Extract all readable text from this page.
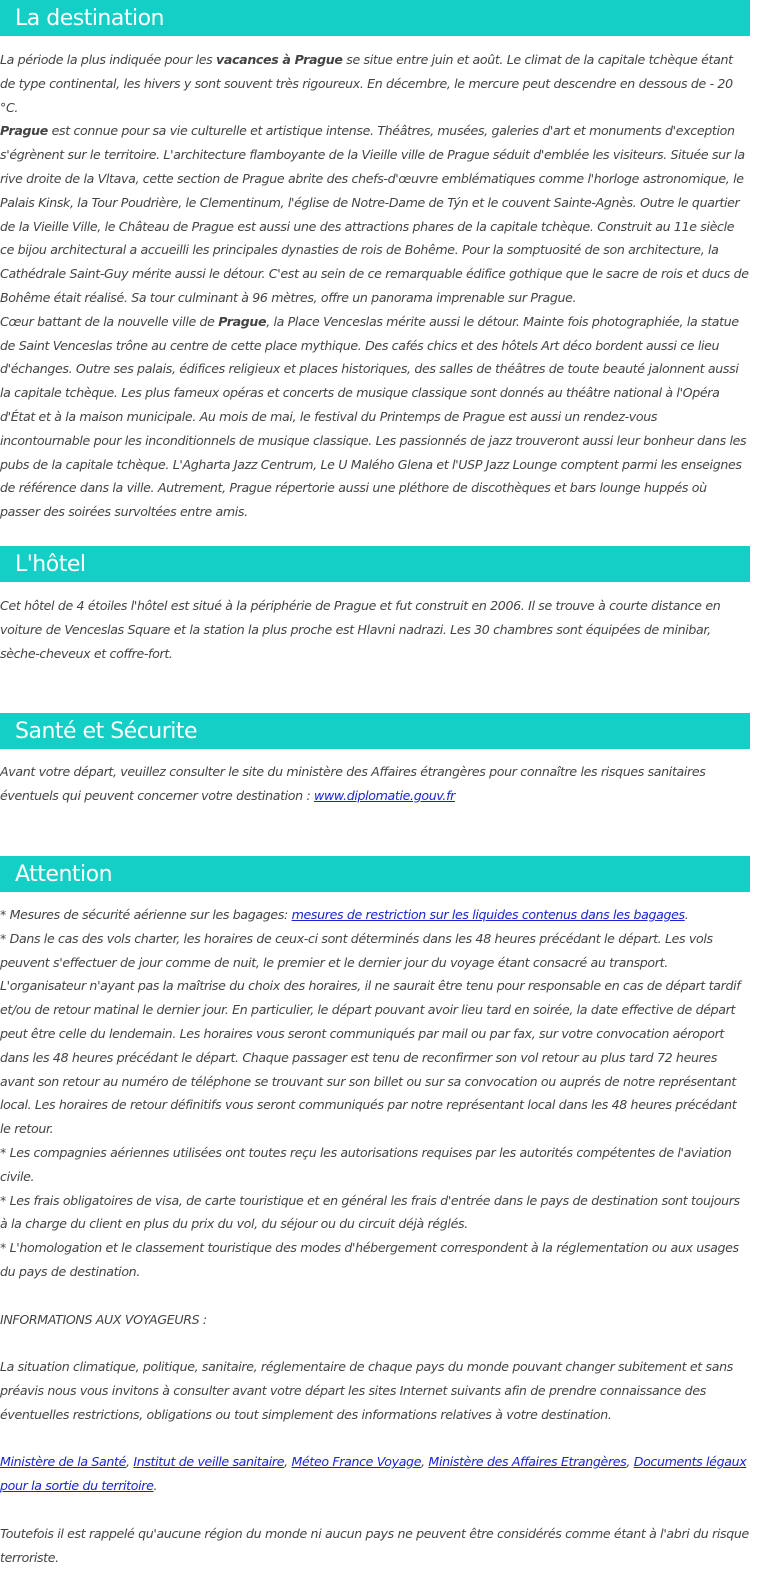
La destination

La période la plus indiquée pour les vacances à Prague se situe entre juin et août. Le climat de la capitale tchèque étant de type continental, les hivers y sont souvent très rigoureux. En décembre, le mercure peut descendre en dessous de - 20 °C.

Prague est connue pour sa vie culturelle et artistique intense. Théâtres, musées, galeries d'art et monuments d'exception s'égrènent sur le territoire. L'architecture flamboyante de la Vieille ville de Prague séduit d'emblée les visiteurs. Située sur la rive droite de la Vltava, cette section de Prague abrite des chefs-d'œuvre emblématiques comme l'horloge astronomique, le Palais Kinsk, la Tour Poudrière, le Clementinum, l'église de Notre-Dame de Týn et le couvent Sainte-Agnès. Outre le quartier de la Vieille Ville, le Château de Prague est aussi une des attractions phares de la capitale tchèque. Construit au 11e siècle ce bijou architectural a accueilli les principales dynasties de rois de Bohême. Pour la somptuosité de son architecture, la Cathédrale Saint-Guy mérite aussi le détour. C'est au sein de ce remarquable édifice gothique que le sacre de rois et ducs de Bohême était réalisé. Sa tour culminant à 96 mètres, offre un panorama imprenable sur Prague.

Cœur battant de la nouvelle ville de Prague, la Place Venceslas mérite aussi le détour. Mainte fois photographiée, la statue de Saint Venceslas trône au centre de cette place mythique. Des cafés chics et des hôtels Art déco bordent aussi ce lieu d'échanges. Outre ses palais, édifices religieux et places historiques, des salles de théâtres de toute beauté jalonnent aussi la capitale tchèque. Les plus fameux opéras et concerts de musique classique sont donnés au théâtre national à l'Opéra d'État et à la maison municipale. Au mois de mai, le festival du Printemps de Prague est aussi un rendez-vous incontournable pour les inconditionnels de musique classique. Les passionnés de jazz trouveront aussi leur bonheur dans les pubs de la capitale tchèque. L'Agharta Jazz Centrum, Le U Malého Glena et l'USP Jazz Lounge comptent parmi les enseignes de référence dans la ville. Autrement, Prague répertorie aussi une pléthore de discothèques et bars lounge huppés où passer des soirées survoltées entre amis.

L'hôtel

Cet hôtel de 4 étoiles l'hôtel est situé à la périphérie de Prague et fut construit en 2006. Il se trouve à courte distance en voiture de Venceslas Square et la station la plus proche est Hlavni nadrazi. Les 30 chambres sont équipées de minibar, sèche-cheveux et coffre-fort.

Santé et Sécurite

Avant votre départ, veuillez consulter le site du ministère des Affaires étrangères pour connaître les risques sanitaires éventuels qui peuvent concerner votre destination : www.diplomatie.gouv.fr

Attention

* Mesures de sécurité aérienne sur les bagages: mesures de restriction sur les liquides contenus dans les bagages.

* Dans le cas des vols charter, les horaires de ceux-ci sont déterminés dans les 48 heures précédant le départ. Les vols peuvent s'effectuer de jour comme de nuit, le premier et le dernier jour du voyage étant consacré au transport. L'organisateur n'ayant pas la maîtrise du choix des horaires, il ne saurait être tenu pour responsable en cas de départ tardif et/ou de retour matinal le dernier jour. En particulier, le départ pouvant avoir lieu tard en soirée, la date effective de départ peut être celle du lendemain. Les horaires vous seront communiqués par mail ou par fax, sur votre convocation aéroport dans les 48 heures précédant le départ. Chaque passager est tenu de reconfirmer son vol retour au plus tard 72 heures avant son retour au numéro de téléphone se trouvant sur son billet ou sur sa convocation ou auprés de notre représentant local. Les horaires de retour définitifs vous seront communiqués par notre représentant local dans les 48 heures précédant le retour.

* Les compagnies aériennes utilisées ont toutes reçu les autorisations requises par les autorités compétentes de l'aviation civile.

* Les frais obligatoires de visa, de carte touristique et en général les frais d'entrée dans le pays de destination sont toujours à la charge du client en plus du prix du vol, du séjour ou du circuit déjà réglés.

* L'homologation et le classement touristique des modes d'hébergement correspondent à la réglementation ou aux usages du pays de destination.

INFORMATIONS AUX VOYAGEURS :

La situation climatique, politique, sanitaire, réglementaire de chaque pays du monde pouvant changer subitement et sans préavis nous vous invitons à consulter avant votre départ les sites Internet suivants afin de prendre connaissance des éventuelles restrictions, obligations ou tout simplement des informations relatives à votre destination.

Ministère de la Santé, Institut de veille sanitaire, Méteo France Voyage, Ministère des Affaires Etrangères, Documents légaux pour la sortie du territoire.

Toutefois il est rappelé qu'aucune région du monde ni aucun pays ne peuvent être considérés comme étant à l'abri du risque terroriste.
